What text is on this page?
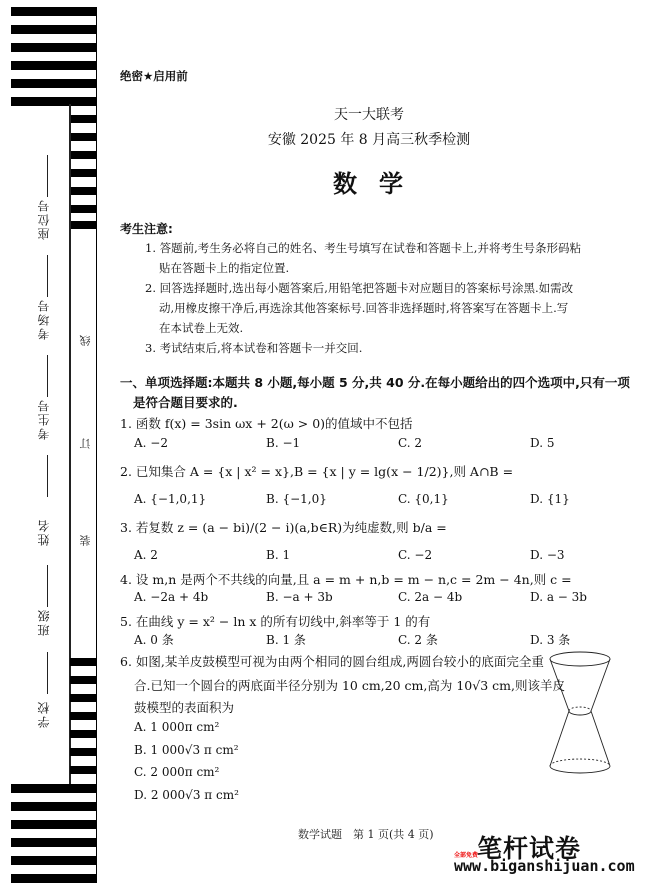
座位号
考场号
考生号
姓名
班级
学校
线
订
装
绝密★启用前
天一大联考
安徽 2025 年 8 月高三秋季检测
数学
考生注意:
1. 答题前,考生务必将自己的姓名、考生号填写在试卷和答题卡上,并将考生号条形码粘
贴在答题卡上的指定位置.
2. 回答选择题时,选出每小题答案后,用铅笔把答题卡对应题目的答案标号涂黑.如需改
动,用橡皮擦干净后,再选涂其他答案标号.回答非选择题时,将答案写在答题卡上.写
在本试卷上无效.
3. 考试结束后,将本试卷和答题卡一并交回.
一、单项选择题:本题共 8 小题,每小题 5 分,共 40 分.在每小题给出的四个选项中,只有一项
是符合题目要求的.
1. 函数 f(x) = 3sin ωx + 2(ω > 0)的值域中不包括
A. −2	B. −1	C. 2	D. 5
2. 已知集合 A = {x | x² = x},B = {x | y = lg(x − 1/2)},则 A∩B =
A. {−1,0,1}	B. {−1,0}	C. {0,1}	D. {1}
3. 若复数 z = (a − bi)/(2 − i)(a,b∈R)为纯虚数,则 b/a =
A. 2	B. 1	C. −2	D. −3
4. 设 m,n 是两个不共线的向量,且 a = m + n,b = m − n,c = 2m − 4n,则 c =
A. −2a + 4b	B. −a + 3b	C. 2a − 4b	D. a − 3b
5. 在曲线 y = x² − ln x 的所有切线中,斜率等于 1 的有
A. 0 条	B. 1 条	C. 2 条	D. 3 条
6. 如图,某羊皮鼓模型可视为由两个相同的圆台组成,两圆台较小的底面完全重
合.已知一个圆台的两底面半径分别为 10 cm,20 cm,高为 10√3 cm,则该羊皮
鼓模型的表面积为
A. 1 000π cm²
B. 1 000√3 π cm²
C. 2 000π cm²
D. 2 000√3 π cm²
数学试题　第 1 页(共 4 页) 笔杆试卷
全部免费
www.biganshijuan.com
